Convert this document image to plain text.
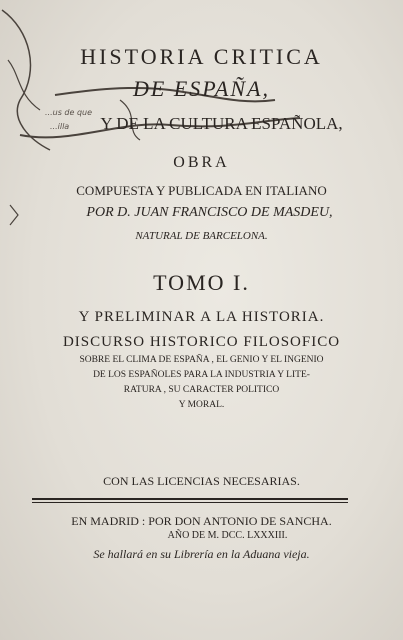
...us de que
...illa
HISTORIA CRITICA
DE ESPAÑA,
Y DE LA CULTURA ESPAÑOLA,
OBRA
COMPUESTA Y PUBLICADA EN ITALIANO
POR D. JUAN FRANCISCO DE MASDEU,
NATURAL DE BARCELONA.
TOMO I.
Y PRELIMINAR A LA HISTORIA.
DISCURSO HISTORICO FILOSOFICO
SOBRE EL CLIMA DE ESPAÑA , EL GENIO Y EL INGENIO
DE LOS ESPAÑOLES PARA LA INDUSTRIA Y LITE-
RATURA , SU CARACTER POLITICO
Y MORAL.
CON LAS LICENCIAS NECESARIAS.
EN MADRID : POR DON ANTONIO DE SANCHA.
AÑO DE M. DCC. LXXXIII.
Se hallará en su Librería en la Aduana vieja.
